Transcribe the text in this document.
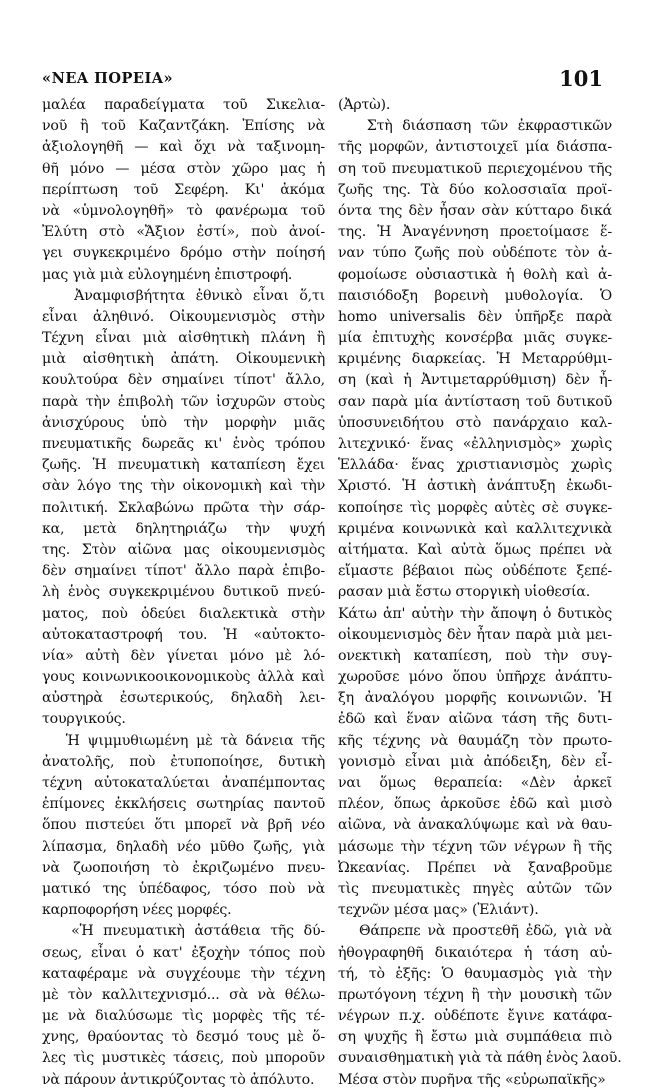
«ΝΕΑ ΠΟΡΕΙΑ»	101
μαλέα παραδείγματα τοῦ Σικελια-
νοῦ ἢ τοῦ Καζαντζάκη. Ἐπίσης νὰ
ἀξιολογηθῆ — καὶ ὄχι νὰ ταξινομη-
θῆ μόνο — μέσα στὸν χῶρο μας ἡ
περίπτωση τοῦ Σεφέρη. Κι' ἀκόμα
νὰ «ὑμνολογηθῆ» τὸ φανέρωμα τοῦ
Ἐλύτη στὸ «Ἄξιον ἐστί», ποὺ ἀνοί-
γει συγκεκριμένο δρόμο στὴν ποίησή
μας γιὰ μιὰ εὐλογημένη ἐπιστροφή.
Ἀναμφισβήτητα ἐθνικὸ εἶναι ὅ,τι
εἶναι ἀληθινό. Οἰκουμενισμὸς στὴν
Τέχνη εἶναι μιὰ αἰσθητικὴ πλάνη ἢ
μιὰ αἰσθητικὴ ἀπάτη. Οἰκουμενικὴ
κουλτούρα δὲν σημαίνει τίποτ' ἄλλο,
παρὰ τὴν ἐπιβολὴ τῶν ἰσχυρῶν στοὺς
ἀνισχύρους ὑπὸ τὴν μορφὴν μιᾶς
πνευματικῆς δωρεᾶς κι' ἑνὸς τρόπου
ζωῆς. Ἡ πνευματικὴ καταπίεση ἔχει
σὰν λόγο της τὴν οἰκονομικὴ καὶ τὴν
πολιτική. Σκλαβώνω πρῶτα τὴν σάρ-
κα, μετὰ δηλητηριάζω τὴν ψυχή
της. Στὸν αἰῶνα μας οἰκουμενισμὸς
δὲν σημαίνει τίποτ' ἄλλο παρὰ ἐπιβο-
λὴ ἑνὸς συγκεκριμένου δυτικοῦ πνεύ-
ματος, ποὺ ὁδεύει διαλεκτικὰ στὴν
αὐτοκαταστροφή του. Ἡ «αὐτοκτο-
νία» αὐτὴ δὲν γίνεται μόνο μὲ λό-
γους κοινωνικοοικονομικοὺς ἀλλὰ καὶ
αὐστηρὰ ἐσωτερικούς, δηλαδὴ λει-
τουργικούς.
Ἡ ψιμμυθιωμένη μὲ τὰ δάνεια τῆς
ἀνατολῆς, ποὺ ἐτυποποίησε, δυτικὴ
τέχνη αὐτοκαταλύεται ἀναπέμποντας
ἐπίμονες ἐκκλήσεις σωτηρίας παντοῦ
ὅπου πιστεύει ὅτι μπορεῖ νὰ βρῆ νέο
λίπασμα, δηλαδὴ νέο μῦθο ζωῆς, γιὰ
νὰ ζωοποιήση τὸ ἐκριζωμένο πνευ-
ματικό της ὑπέδαφος, τόσο ποὺ νὰ
καρποφορήση νέες μορφές.
«Ἡ πνευματικὴ ἀστάθεια τῆς δύ-
σεως, εἶναι ὁ κατ' ἐξοχὴν τόπος ποὺ
καταφέραμε νὰ συγχέουμε τὴν τέχνη
μὲ τὸν καλλιτεχνισμό... σὰ νὰ θέλω-
με νὰ διαλύσωμε τὶς μορφὲς τῆς τέ-
χνης, θραύοντας τὸ δεσμό τους μὲ ὅ-
λες τὶς μυστικὲς τάσεις, ποὺ μποροῦν
νὰ πάρουν ἀντικρύζοντας τὸ ἀπόλυτο.
(Ἀρτὼ).
Στὴ διάσπαση τῶν ἐκφραστικῶν
τῆς μορφῶν, ἀντιστοιχεῖ μία διάσπα-
ση τοῦ πνευματικοῦ περιεχομένου τῆς
ζωῆς της. Τὰ δύο κολοσσιαῖα προϊ-
όντα της δὲν ἦσαν σὰν κύτταρο δικά
της. Ἡ Ἀναγέννηση προετοίμασε ἕ-
ναν τύπο ζωῆς ποὺ οὐδέποτε τὸν ἀ-
φομοίωσε οὐσιαστικὰ ἡ θολὴ καὶ ἀ-
παισιόδοξη βορεινὴ μυθολογία. Ὁ
homo universalis δὲν ὑπῆρξε παρὰ
μία ἐπιτυχὴς κονσέρβα μιᾶς συγκε-
κριμένης διαρκείας. Ἡ Μεταρρύθμι-
ση (καὶ ἡ Ἀντιμεταρρύθμιση) δὲν ἦ-
σαν παρὰ μία ἀντίσταση τοῦ δυτικοῦ
ὑποσυνειδήτου στὸ πανάρχαιο καλ-
λιτεχνικό· ἕνας «ἐλληνισμὸς» χωρὶς
Ἑλλάδα· ἕνας χριστιανισμὸς χωρὶς
Χριστό. Ἡ ἀστικὴ ἀνάπτυξη ἐκωδι-
κοποίησε τὶς μορφὲς αὐτὲς σὲ συγκε-
κριμένα κοινωνικὰ καὶ καλλιτεχνικὰ
αἰτήματα. Καὶ αὐτὰ ὅμως πρέπει νὰ
εἴμαστε βέβαιοι πὼς οὐδέποτε ξεπέ-
ρασαν μιὰ ἔστω στοργικὴ υἱοθεσία.
Κάτω ἀπ' αὐτὴν τὴν ἄποψη ὁ δυτικὸς
οἰκουμενισμὸς δὲν ἦταν παρὰ μιὰ μει-
ονεκτικὴ καταπίεση, ποὺ τὴν συγ-
χωροῦσε μόνο ὅπου ὑπῆρχε ἀνάπτυ-
ξη ἀναλόγου μορφῆς κοινωνιῶν. Ἡ
ἐδῶ καὶ ἕναν αἰῶνα τάση τῆς δυτι-
κῆς τέχνης νὰ θαυμάζη τὸν πρωτο-
γονισμὸ εἶναι μιὰ ἀπόδειξη, δὲν εἶ-
ναι ὅμως θεραπεία: «Δὲν ἀρκεῖ
πλέον, ὅπως ἀρκοῦσε ἐδῶ καὶ μισὸ
αἰῶνα, νὰ ἀνακαλύψωμε καὶ νὰ θαυ-
μάσωμε τὴν τέχνη τῶν νέγρων ἢ τῆς
Ὠκεανίας. Πρέπει νὰ ξαναβροῦμε
τὶς πνευματικὲς πηγὲς αὐτῶν τῶν
τεχνῶν μέσα μας» (Ἐλιάντ).
Θάπρεπε νὰ προστεθῆ ἐδῶ, γιὰ νὰ
ἠθογραφηθῆ δικαιότερα ἡ τάση αὐ-
τή, τὸ ἑξῆς: Ὁ θαυμασμὸς γιὰ τὴν
πρωτόγονη τέχνη ἢ τὴν μουσικὴ τῶν
νέγρων π.χ. οὐδέποτε ἔγινε κατάφα-
ση ψυχῆς ἢ ἔστω μιὰ συμπάθεια πιὸ
συναισθηματικὴ γιὰ τὰ πάθη ἑνὸς λαοῦ.
Μέσα στὸν πυρῆνα τῆς «εὐρωπαϊκῆς»
